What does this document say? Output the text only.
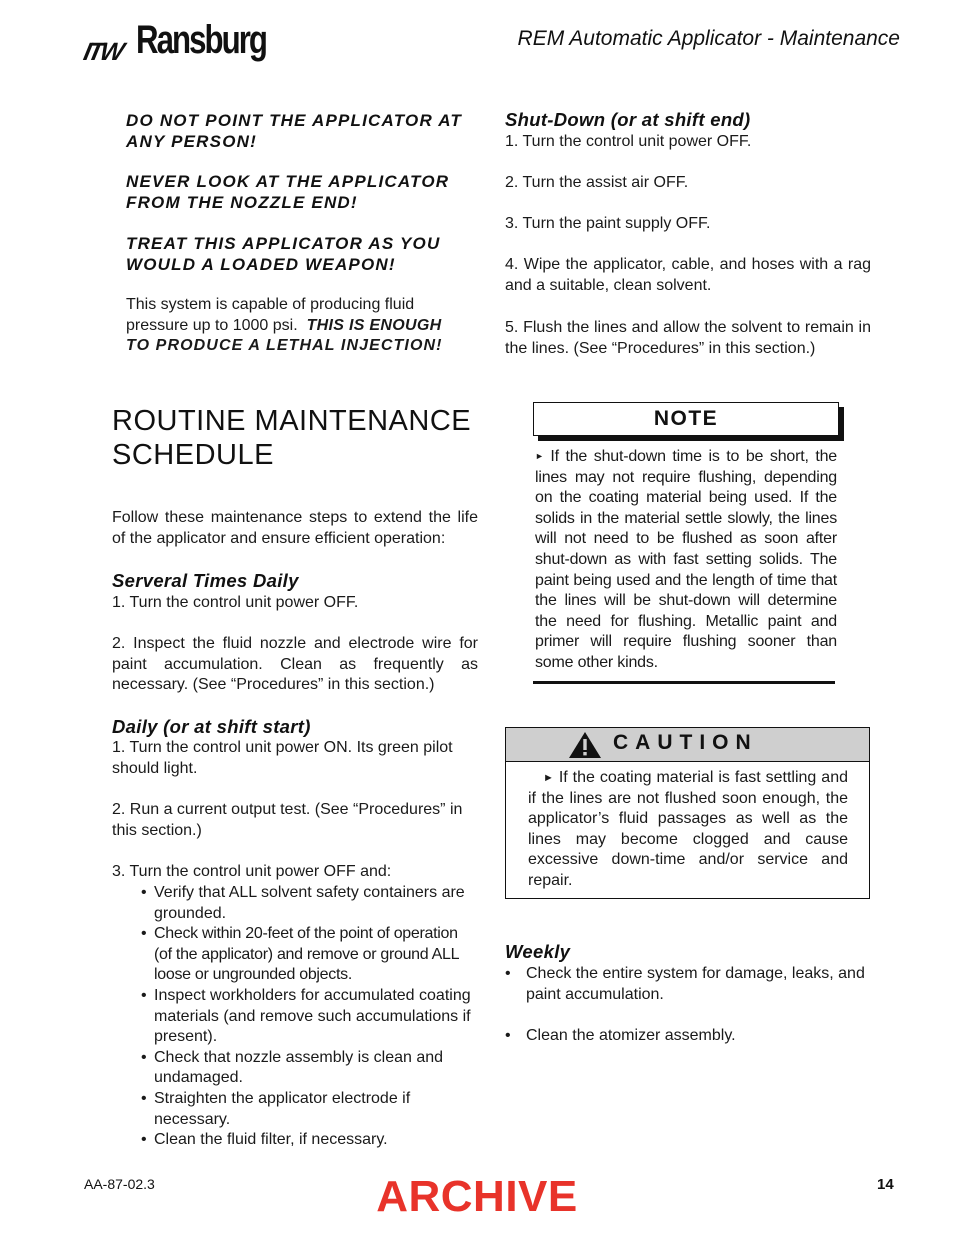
ITW Ransburg	REM Automatic Applicator - Maintenance
DO NOT POINT THE APPLICATOR AT
ANY PERSON!
NEVER LOOK AT THE APPLICATOR
FROM THE NOZZLE END!
TREAT THIS APPLICATOR AS YOU
WOULD A LOADED WEAPON!
This system is capable of producing fluid
pressure up to 1000 psi. THIS IS ENOUGH
TO PRODUCE A LETHAL INJECTION!
ROUTINE MAINTENANCE
SCHEDULE

Follow these maintenance steps to extend the life of the applicator and ensure efficient operation:

Serveral Times Daily

1. Turn the control unit power OFF.

2. Inspect the fluid nozzle and electrode wire for paint accumulation. Clean as frequently as necessary. (See “Procedures” in this section.)

Daily (or at shift start)

1. Turn the control unit power ON. Its green pilot should light.

2. Run a current output test. (See “Procedures” in this section.)

3. Turn the control unit power OFF and:

• Verify that ALL solvent safety containers are grounded.
• Check within 20-feet of the point of operation (of the applicator) and remove or ground ALL loose or ungrounded objects.
• Inspect workholders for accumulated coating materials (and remove such accumulations if present).
• Check that nozzle assembly is clean and undamaged.
• Straighten the applicator electrode if necessary.
• Clean the fluid filter, if necessary.
Shut-Down (or at shift end)

1. Turn the control unit power OFF.

2. Turn the assist air OFF.

3. Turn the paint supply OFF.

4. Wipe the applicator, cable, and hoses with a rag and a suitable, clean solvent.

5. Flush the lines and allow the solvent to remain in the lines. (See “Procedures” in this section.)

NOTE

► If the shut-down time is to be short, the lines may not require flushing, depending on the coating material being used. If the solids in the material settle slowly, the lines will not need to be flushed as soon after shut-down as with fast setting solids. The paint being used and the length of time that the lines will be shut-down will determine the need for flushing. Metallic paint and primer will require flushing sooner than some other kinds.

CAUTION

► If the coating material is fast settling and if the lines are not flushed soon enough, the applicator’s fluid passages as well as the lines may become clogged and cause excessive down-time and/or service and repair.

Weekly
• Check the entire system for damage, leaks, and paint accumulation.
• Clean the atomizer assembly.
AA-87-02.3	ARCHIVE	14
